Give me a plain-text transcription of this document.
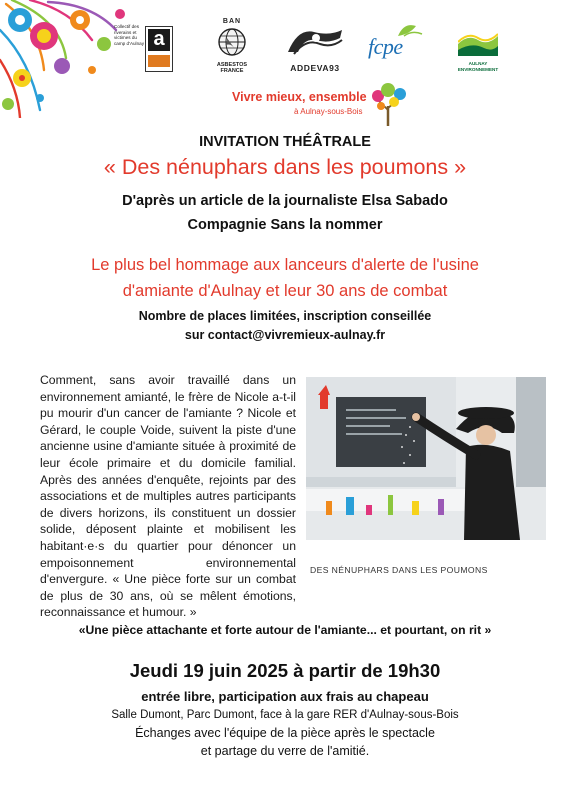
Collectif des riverains et victimes du camp d'Aulnay a
BAN
ASBESTOS FRANCE	ADDEVA93
fcpe
AULNAY ENVIRONNEMENT
Vivre mieux, ensemble
à Aulnay-sous-Bois
INVITATION THÉÂTRALE
« Des nénuphars dans les poumons »
D'après un article de la journaliste Elsa Sabado
Compagnie Sans la nommer
Le plus bel hommage aux lanceurs d'alerte de l'usine
d'amiante d'Aulnay et leur 30 ans de combat
Nombre de places limitées, inscription conseillée
sur contact@vivremieux-aulnay.fr

Comment, sans avoir travaillé dans un environnement amianté, le frère de Nicole a-t-il pu mourir d'un cancer de l'amiante ? Nicole et Gérard, le couple Voide, suivent la piste d'une ancienne usine d'amiante située à proximité de leur école primaire et du domicile familial. Après des années d'enquête, rejoints par des associations et de multiples autres participants de divers horizons, ils constituent un dossier solide, déposent plainte et mobilisent les habitant·e·s du quartier pour dénoncer un empoisonnement environnemental d'envergure. « Une pièce forte sur un combat de plus de 30 ans, où se mêlent émotions, reconnaissance et humour. »

DES NÉNUPHARS DANS LES POUMONS
«Une pièce attachante et forte autour de l'amiante... et pourtant, on rit »
Jeudi 19 juin 2025 à partir de 19h30
entrée libre, participation aux frais au chapeau
Salle Dumont, Parc Dumont, face à la gare RER d'Aulnay-sous-Bois
Échanges avec l'équipe de la pièce après le spectacle
et partage du verre de l'amitié.
